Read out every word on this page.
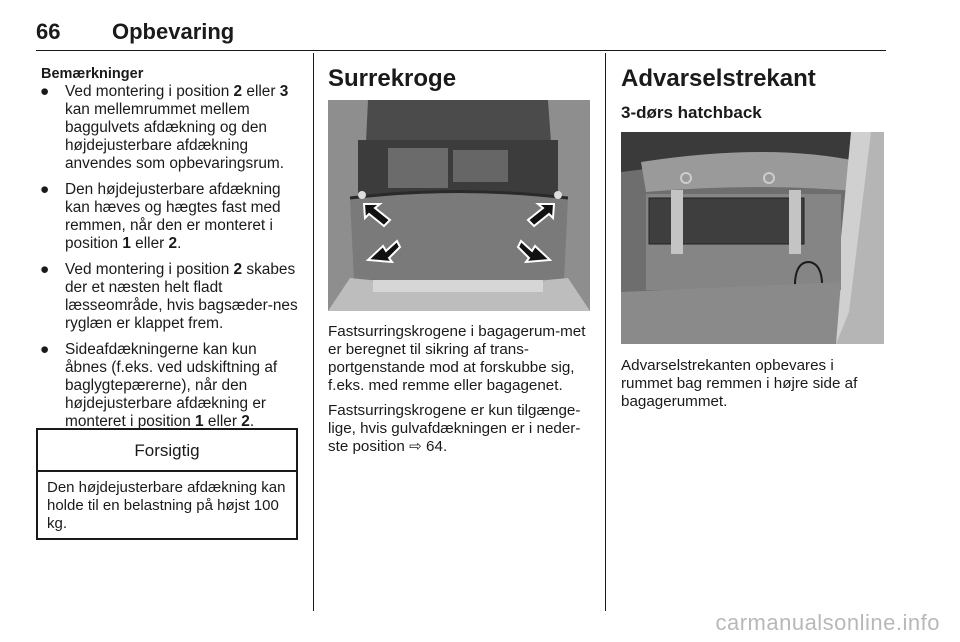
66 Opbevaring
Bemærkninger
● Ved montering i position 2 eller 3 kan mellemrummet mellem baggulvets afdækning og den højdejusterbare afdækning anvendes som opbevaringsrum.
● Den højdejusterbare afdækning kan hæves og hægtes fast med remmen, når den er monteret i position 1 eller 2.
● Ved montering i position 2 skabes der et næsten helt fladt læsseområde, hvis bagsæder-nes ryglæn er klappet frem.
● Sideafdækningerne kan kun åbnes (f.eks. ved udskiftning af baglygtepærerne), når den højdejusterbare afdækning er monteret i position 1 eller 2.
Forsigtig
Den højdejusterbare afdækning kan holde til en belastning på højst 100 kg.
Surrekroge
Fastsurringskrogene i bagagerum-met er beregnet til sikring af trans-portgenstande mod at forskubbe sig, f.eks. med remme eller bagagenet.
Fastsurringskrogene er kun tilgænge-lige, hvis gulvafdækningen er i neder-ste position ⇨ 64.
Advarselstrekant
3-dørs hatchback
Advarselstrekanten opbevares i rummet bag remmen i højre side af bagagerummet.
carmanualsonline.info
